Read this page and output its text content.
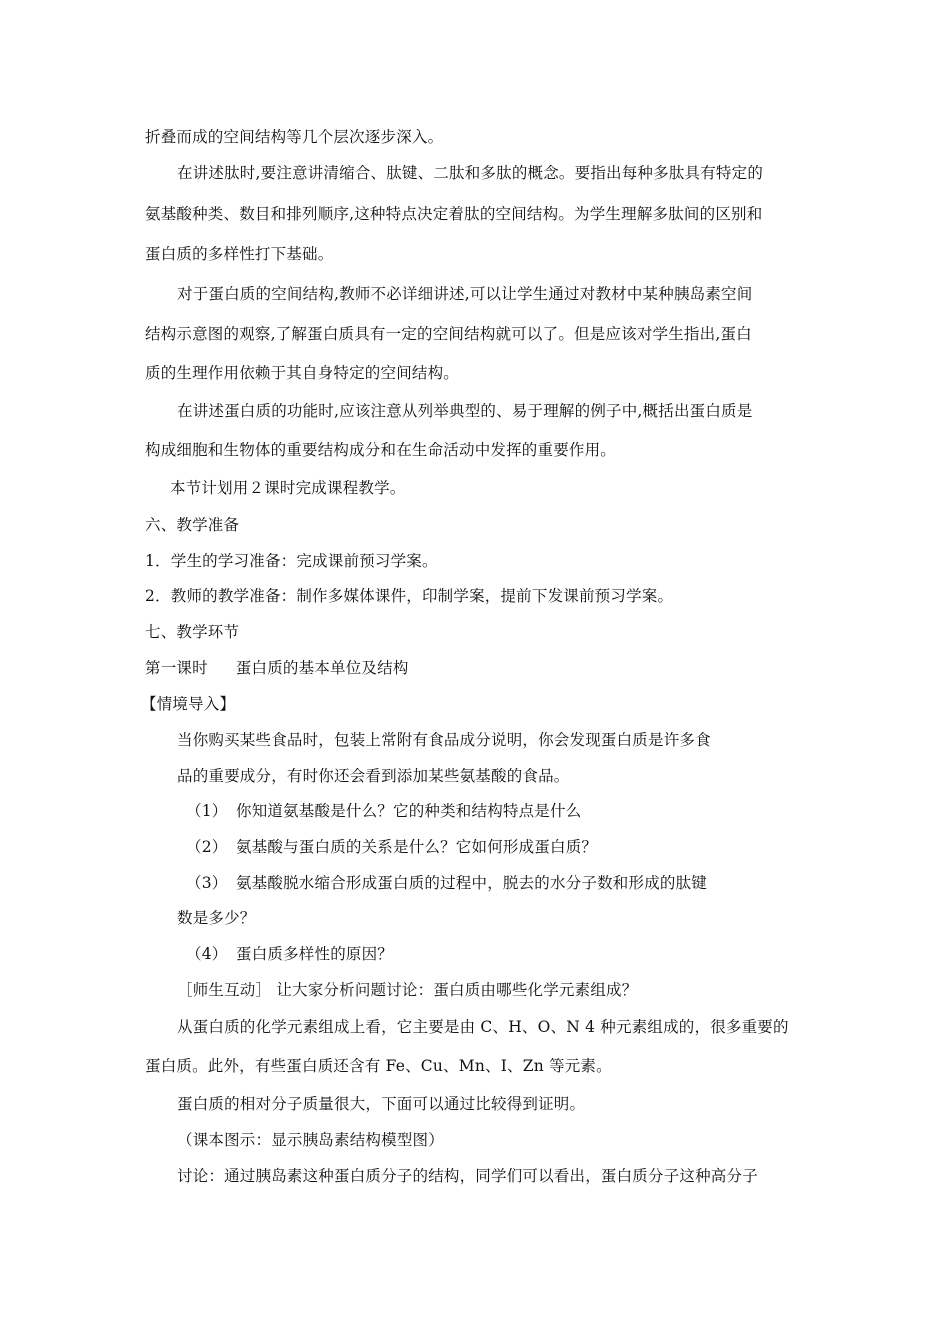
折叠而成的空间结构等几个层次逐步深入。
在讲述肽时,要注意讲清缩合、肽键、二肽和多肽的概念。要指出每种多肽具有特定的
氨基酸种类、数目和排列顺序,这种特点决定着肽的空间结构。为学生理解多肽间的区别和
蛋白质的多样性打下基础。
对于蛋白质的空间结构,教师不必详细讲述,可以让学生通过对教材中某种胰岛素空间
结构示意图的观察,了解蛋白质具有一定的空间结构就可以了。但是应该对学生指出,蛋白
质的生理作用依赖于其自身特定的空间结构。
在讲述蛋白质的功能时,应该注意从列举典型的、易于理解的例子中,概括出蛋白质是
构成细胞和生物体的重要结构成分和在生命活动中发挥的重要作用。
本节计划用２课时完成课程教学。
六、教学准备
1．学生的学习准备：完成课前预习学案。
2．教师的教学准备：制作多媒体课件，印制学案，提前下发课前预习学案。
七、教学环节
第一课时 蛋白质的基本单位及结构
【情境导入】
当你购买某些食品时，包装上常附有食品成分说明，你会发现蛋白质是许多食
品的重要成分，有时你还会看到添加某些氨基酸的食品。
（1） 你知道氨基酸是什么？它的种类和结构特点是什么
（2） 氨基酸与蛋白质的关系是什么？它如何形成蛋白质？
（3） 氨基酸脱水缩合形成蛋白质的过程中，脱去的水分子数和形成的肽键
数是多少？
（4） 蛋白质多样性的原因？
［师生互动］ 让大家分析问题讨论：蛋白质由哪些化学元素组成？
从蛋白质的化学元素组成上看，它主要是由 C、H、O、N 4 种元素组成的，很多重要的
蛋白质。此外，有些蛋白质还含有 Fe、Cu、Mn、I、Zn 等元素。
蛋白质的相对分子质量很大，下面可以通过比较得到证明。
（课本图示：显示胰岛素结构模型图）
讨论：通过胰岛素这种蛋白质分子的结构，同学们可以看出，蛋白质分子这种高分子
